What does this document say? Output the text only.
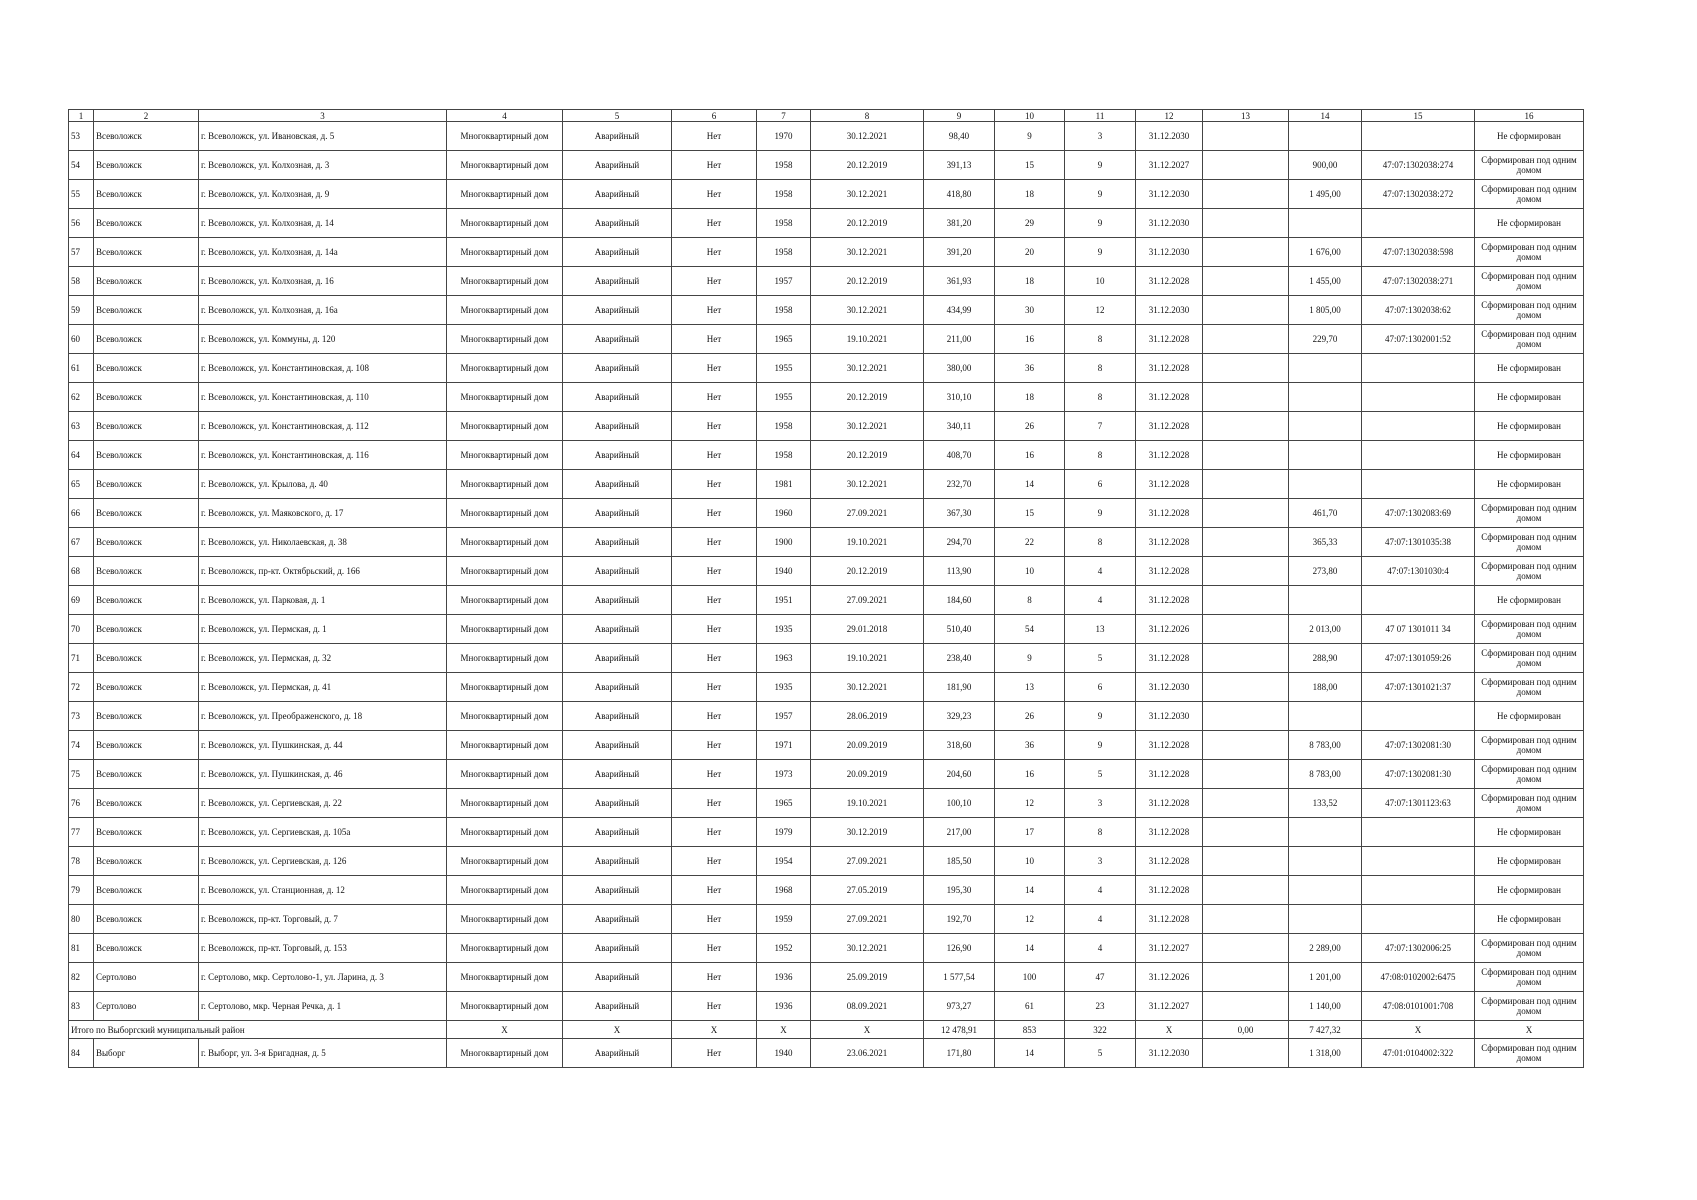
1	2	3	4	5	6	7	8	9	10	11	12	13	14	15	16
53	Всеволожск	г. Всеволожск, ул. Ивановская, д. 5	Многоквартирный дом	Аварийный	Нет	1970	30.12.2021	98,40	9	3	31.12.2030				Не сформирован
54	Всеволожск	г. Всеволожск, ул. Колхозная, д. 3	Многоквартирный дом	Аварийный	Нет	1958	20.12.2019	391,13	15	9	31.12.2027		900,00	47:07:1302038:274	Сформирован под одним домом
55	Всеволожск	г. Всеволожск, ул. Колхозная, д. 9	Многоквартирный дом	Аварийный	Нет	1958	30.12.2021	418,80	18	9	31.12.2030		1 495,00	47:07:1302038:272	Сформирован под одним домом
56	Всеволожск	г. Всеволожск, ул. Колхозная, д. 14	Многоквартирный дом	Аварийный	Нет	1958	20.12.2019	381,20	29	9	31.12.2030				Не сформирован
57	Всеволожск	г. Всеволожск, ул. Колхозная, д. 14а	Многоквартирный дом	Аварийный	Нет	1958	30.12.2021	391,20	20	9	31.12.2030		1 676,00	47:07:1302038:598	Сформирован под одним домом
58	Всеволожск	г. Всеволожск, ул. Колхозная, д. 16	Многоквартирный дом	Аварийный	Нет	1957	20.12.2019	361,93	18	10	31.12.2028		1 455,00	47:07:1302038:271	Сформирован под одним домом
59	Всеволожск	г. Всеволожск, ул. Колхозная, д. 16а	Многоквартирный дом	Аварийный	Нет	1958	30.12.2021	434,99	30	12	31.12.2030		1 805,00	47:07:1302038:62	Сформирован под одним домом
60	Всеволожск	г. Всеволожск, ул. Коммуны, д. 120	Многоквартирный дом	Аварийный	Нет	1965	19.10.2021	211,00	16	8	31.12.2028		229,70	47:07:1302001:52	Сформирован под одним домом
61	Всеволожск	г. Всеволожск, ул. Константиновская, д. 108	Многоквартирный дом	Аварийный	Нет	1955	30.12.2021	380,00	36	8	31.12.2028				Не сформирован
62	Всеволожск	г. Всеволожск, ул. Константиновская, д. 110	Многоквартирный дом	Аварийный	Нет	1955	20.12.2019	310,10	18	8	31.12.2028				Не сформирован
63	Всеволожск	г. Всеволожск, ул. Константиновская, д. 112	Многоквартирный дом	Аварийный	Нет	1958	30.12.2021	340,11	26	7	31.12.2028				Не сформирован
64	Всеволожск	г. Всеволожск, ул. Константиновская, д. 116	Многоквартирный дом	Аварийный	Нет	1958	20.12.2019	408,70	16	8	31.12.2028				Не сформирован
65	Всеволожск	г. Всеволожск, ул. Крылова, д. 40	Многоквартирный дом	Аварийный	Нет	1981	30.12.2021	232,70	14	6	31.12.2028				Не сформирован
66	Всеволожск	г. Всеволожск, ул. Маяковского, д. 17	Многоквартирный дом	Аварийный	Нет	1960	27.09.2021	367,30	15	9	31.12.2028		461,70	47:07:1302083:69	Сформирован под одним домом
67	Всеволожск	г. Всеволожск, ул. Николаевская, д. 38	Многоквартирный дом	Аварийный	Нет	1900	19.10.2021	294,70	22	8	31.12.2028		365,33	47:07:1301035:38	Сформирован под одним домом
68	Всеволожск	г. Всеволожск, пр-кт. Октябрьский, д. 166	Многоквартирный дом	Аварийный	Нет	1940	20.12.2019	113,90	10	4	31.12.2028		273,80	47:07:1301030:4	Сформирован под одним домом
69	Всеволожск	г. Всеволожск, ул. Парковая, д. 1	Многоквартирный дом	Аварийный	Нет	1951	27.09.2021	184,60	8	4	31.12.2028				Не сформирован
70	Всеволожск	г. Всеволожск, ул. Пермская, д. 1	Многоквартирный дом	Аварийный	Нет	1935	29.01.2018	510,40	54	13	31.12.2026		2 013,00	47 07 1301011 34	Сформирован под одним домом
71	Всеволожск	г. Всеволожск, ул. Пермская, д. 32	Многоквартирный дом	Аварийный	Нет	1963	19.10.2021	238,40	9	5	31.12.2028		288,90	47:07:1301059:26	Сформирован под одним домом
72	Всеволожск	г. Всеволожск, ул. Пермская, д. 41	Многоквартирный дом	Аварийный	Нет	1935	30.12.2021	181,90	13	6	31.12.2030		188,00	47:07:1301021:37	Сформирован под одним домом
73	Всеволожск	г. Всеволожск, ул. Преображенского, д. 18	Многоквартирный дом	Аварийный	Нет	1957	28.06.2019	329,23	26	9	31.12.2030				Не сформирован
74	Всеволожск	г. Всеволожск, ул. Пушкинская, д. 44	Многоквартирный дом	Аварийный	Нет	1971	20.09.2019	318,60	36	9	31.12.2028		8 783,00	47:07:1302081:30	Сформирован под одним домом
75	Всеволожск	г. Всеволожск, ул. Пушкинская, д. 46	Многоквартирный дом	Аварийный	Нет	1973	20.09.2019	204,60	16	5	31.12.2028		8 783,00	47:07:1302081:30	Сформирован под одним домом
76	Всеволожск	г. Всеволожск, ул. Сергиевская, д. 22	Многоквартирный дом	Аварийный	Нет	1965	19.10.2021	100,10	12	3	31.12.2028		133,52	47:07:1301123:63	Сформирован под одним домом
77	Всеволожск	г. Всеволожск, ул. Сергиевская, д. 105а	Многоквартирный дом	Аварийный	Нет	1979	30.12.2019	217,00	17	8	31.12.2028				Не сформирован
78	Всеволожск	г. Всеволожск, ул. Сергиевская, д. 126	Многоквартирный дом	Аварийный	Нет	1954	27.09.2021	185,50	10	3	31.12.2028				Не сформирован
79	Всеволожск	г. Всеволожск, ул. Станционная, д. 12	Многоквартирный дом	Аварийный	Нет	1968	27.05.2019	195,30	14	4	31.12.2028				Не сформирован
80	Всеволожск	г. Всеволожск, пр-кт. Торговый, д. 7	Многоквартирный дом	Аварийный	Нет	1959	27.09.2021	192,70	12	4	31.12.2028				Не сформирован
81	Всеволожск	г. Всеволожск, пр-кт. Торговый, д. 153	Многоквартирный дом	Аварийный	Нет	1952	30.12.2021	126,90	14	4	31.12.2027		2 289,00	47:07:1302006:25	Сформирован под одним домом
82	Сертолово	г. Сертолово, мкр. Сертолово-1, ул. Ларина, д. 3	Многоквартирный дом	Аварийный	Нет	1936	25.09.2019	1 577,54	100	47	31.12.2026		1 201,00	47:08:0102002:6475	Сформирован под одним домом
83	Сертолово	г. Сертолово, мкр. Черная Речка, д. 1	Многоквартирный дом	Аварийный	Нет	1936	08.09.2021	973,27	61	23	31.12.2027		1 140,00	47:08:0101001:708	Сформирован под одним домом
Итого по Выборгский муниципальный район			X	X	X	X	X	12 478,91	853	322	X	0,00	7 427,32	X	X
84	Выборг	г. Выборг, ул. 3-я Бригадная, д. 5	Многоквартирный дом	Аварийный	Нет	1940	23.06.2021	171,80	14	5	31.12.2030		1 318,00	47:01:0104002:322	Сформирован под одним домом
